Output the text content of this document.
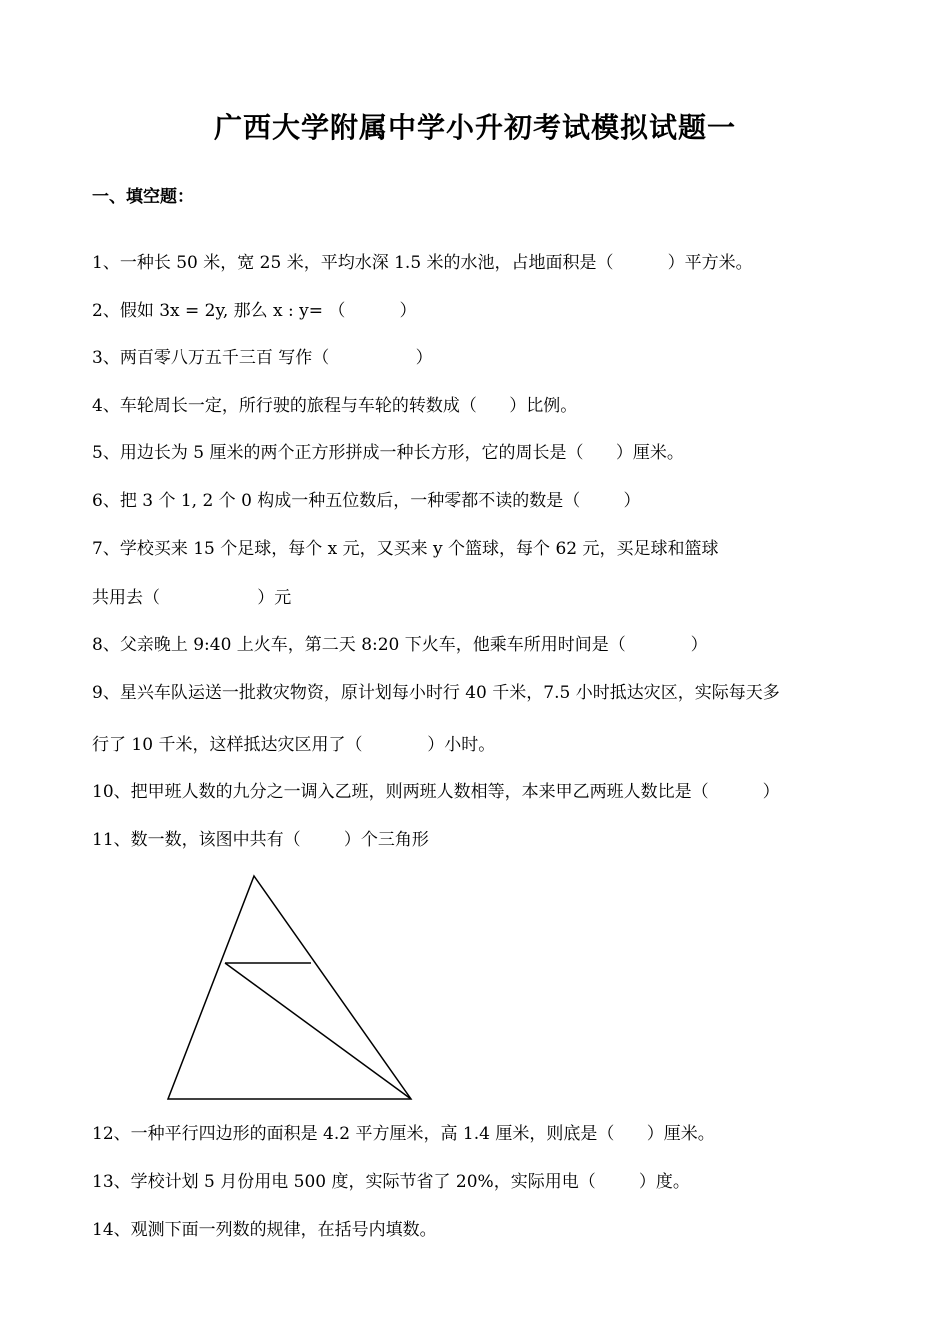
广西大学附属中学小升初考试模拟试题一
一、填空题：
1、一种长 50 米，宽 25 米，平均水深 1.5 米的水池，占地面积是（          ）平方米。
2、假如 3x = 2y, 那么 x : y= （          ）
3、两百零八万五千三百 写作（                ）
4、车轮周长一定，所行驶的旅程与车轮的转数成（      ）比例。
5、用边长为 5 厘米的两个正方形拼成一种长方形，它的周长是（      ）厘米。
6、把 3 个 1, 2 个 0 构成一种五位数后，一种零都不读的数是（        ）
7、学校买来 15 个足球，每个 x 元，又买来 y 个篮球，每个 62 元，买足球和篮球
共用去（                  ）元
8、父亲晚上 9:40 上火车，第二天 8:20 下火车，他乘车所用时间是（            ）
9、星兴车队运送一批救灾物资，原计划每小时行 40 千米，7.5 小时抵达灾区，实际每天多
行了 10 千米，这样抵达灾区用了（            ）小时。
10、把甲班人数的九分之一调入乙班，则两班人数相等，本来甲乙两班人数比是（          ）
11、数一数，该图中共有（        ）个三角形
12、一种平行四边形的面积是 4.2 平方厘米，高 1.4 厘米，则底是（      ）厘米。
13、学校计划 5 月份用电 500 度，实际节省了 20%，实际用电（        ）度。
14、观测下面一列数的规律，在括号内填数。
